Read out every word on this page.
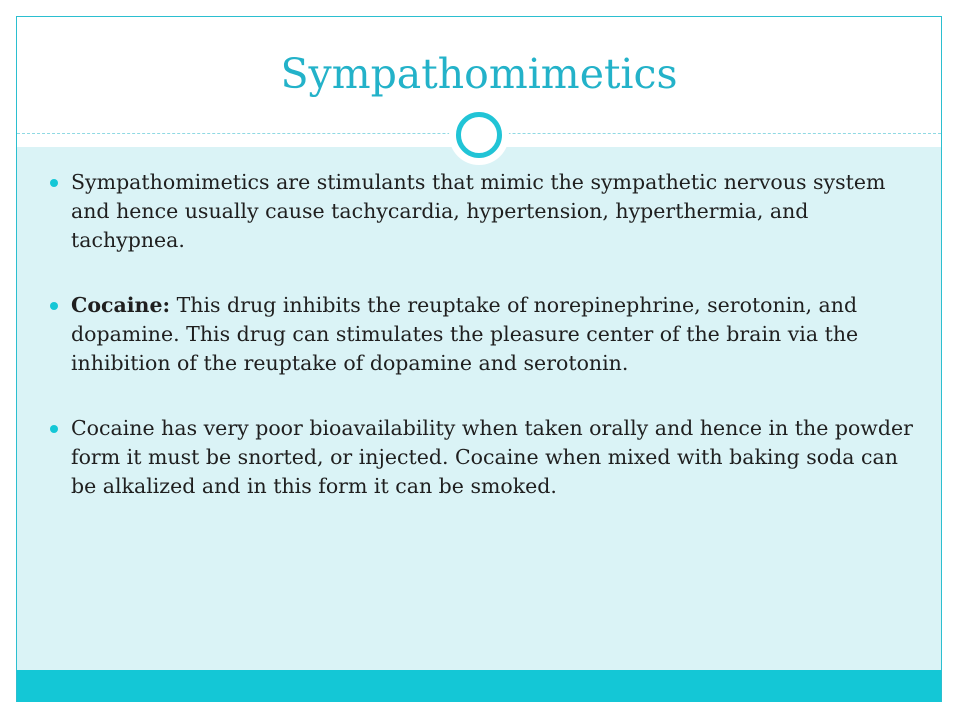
Sympathomimetics
Sympathomimetics are stimulants that mimic the sympathetic nervous system and hence usually cause tachycardia, hypertension, hyperthermia, and tachypnea.
Cocaine: This drug inhibits the reuptake of norepinephrine, serotonin, and dopamine. This drug can stimulates the pleasure center of the brain via the inhibition of the reuptake of dopamine and serotonin.
Cocaine has very poor bioavailability when taken orally and hence in the powder form it must be snorted, or injected. Cocaine when mixed with baking soda can be alkalized and in this form it can be smoked.
